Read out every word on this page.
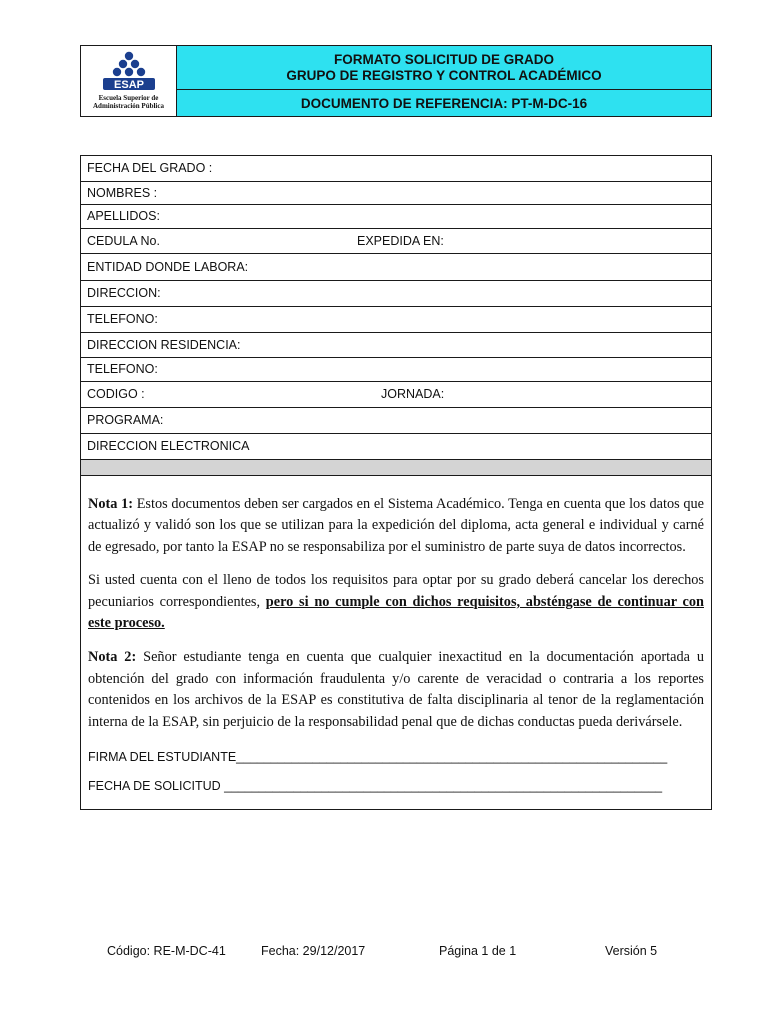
ESAP
Escuela Superior de
Administración Pública
FORMATO SOLICITUD DE GRADO
GRUPO DE REGISTRO Y CONTROL ACADÉMICO
DOCUMENTO DE REFERENCIA: PT-M-DC-16
FECHA DEL GRADO :
NOMBRES :
APELLIDOS:
CEDULA No.	EXPEDIDA EN:
ENTIDAD DONDE LABORA:
DIRECCION:
TELEFONO:
DIRECCION RESIDENCIA:
TELEFONO:
CODIGO :	JORNADA:
PROGRAMA:
DIRECCION ELECTRONICA

Nota 1: Estos documentos deben ser cargados en el Sistema Académico. Tenga en cuenta que los datos que actualizó y validó son los que se utilizan para la expedición del diploma, acta general e individual y carné de egresado, por tanto la ESAP no se responsabiliza por el suministro de parte suya de datos incorrectos.

Si usted cuenta con el lleno de todos los requisitos para optar por su grado deberá cancelar los derechos pecuniarios correspondientes, pero si no cumple con dichos requisitos, absténgase de continuar con este proceso.

Nota 2: Señor estudiante tenga en cuenta que cualquier inexactitud en la documentación aportada u obtención del grado con información fraudulenta y/o carente de veracidad o contraria a los reportes contenidos en los archivos de la ESAP es constitutiva de falta disciplinaria al tenor de la reglamentación interna de la ESAP, sin perjuicio de la responsabilidad penal que de dichas conductas pueda derivársele.

FIRMA DEL ESTUDIANTE______________________________________________________________
FECHA DE SOLICITUD _______________________________________________________________
Código: RE-M-DC-41	Fecha: 29/12/2017	Página 1 de 1	Versión 5
